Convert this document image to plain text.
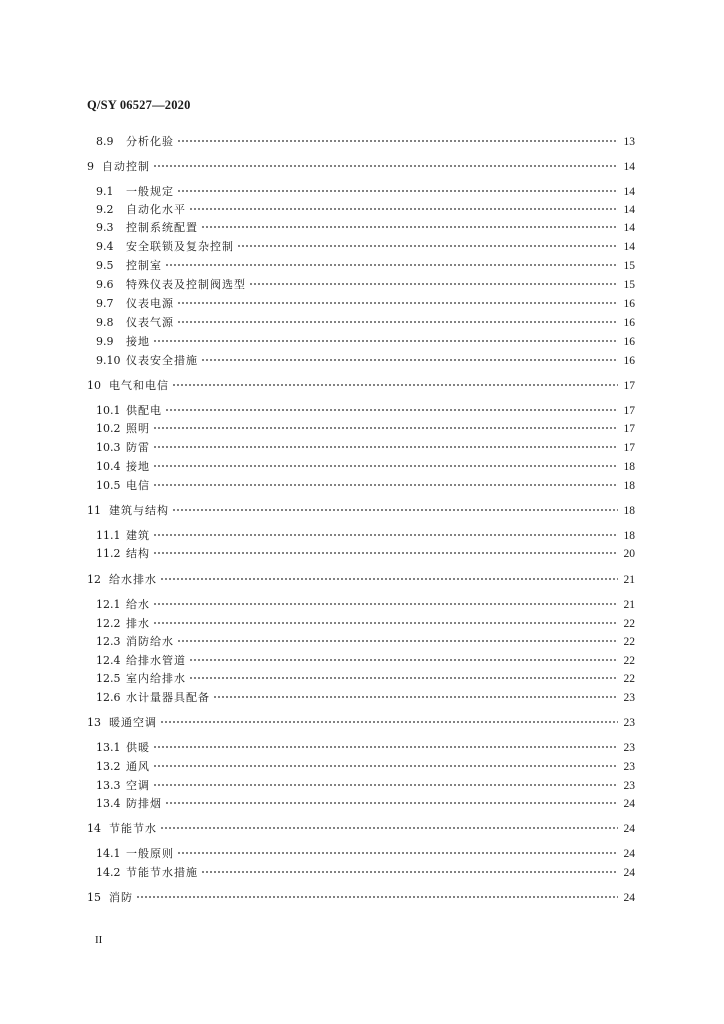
Q/SY 06527—2020
8.9	分析化验	13
9 自动控制	14
9.1	一般规定	14
9.2	自动化水平	14
9.3	控制系统配置	14
9.4	安全联锁及复杂控制	14
9.5	控制室	15
9.6	特殊仪表及控制阀选型	15
9.7	仪表电源	16
9.8	仪表气源	16
9.9	接地	16
9.10 仪表安全措施	16
10 电气和电信	17
10.1 供配电	17
10.2 照明	17
10.3 防雷	17
10.4 接地	18
10.5 电信	18
11 建筑与结构	18
11.1 建筑	18
11.2 结构	20
12 给水排水	21
12.1 给水	21
12.2 排水	22
12.3 消防给水	22
12.4 给排水管道	22
12.5 室内给排水	22
12.6 水计量器具配备	23
13 暖通空调	23
13.1 供暖	23
13.2 通风	23
13.3 空调	23
13.4 防排烟	24
14 节能节水	24
14.1 一般原则	24
14.2 节能节水措施	24
15 消防	24
II
